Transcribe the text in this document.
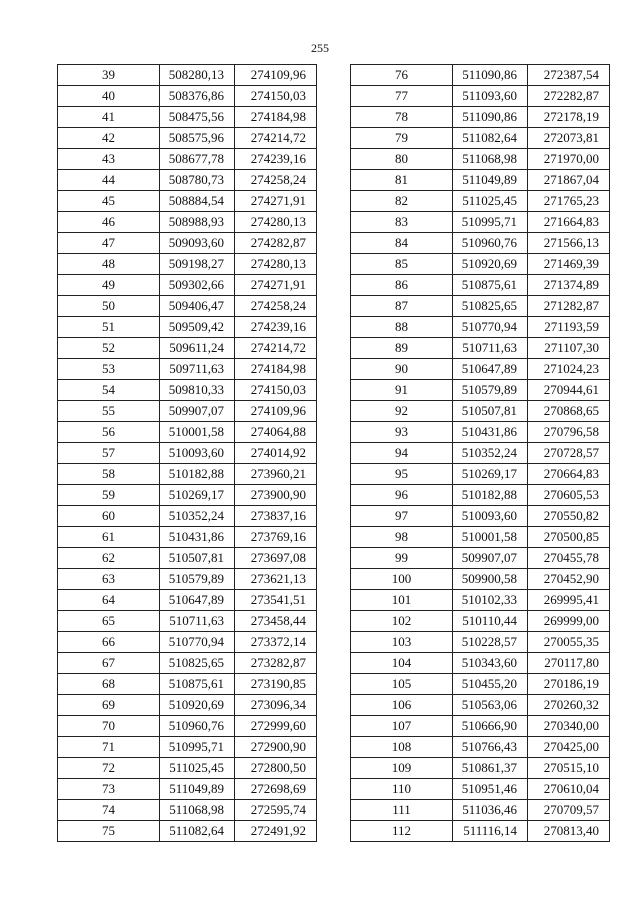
255
39	508280,13	274109,96
40	508376,86	274150,03
41	508475,56	274184,98
42	508575,96	274214,72
43	508677,78	274239,16
44	508780,73	274258,24
45	508884,54	274271,91
46	508988,93	274280,13
47	509093,60	274282,87
48	509198,27	274280,13
49	509302,66	274271,91
50	509406,47	274258,24
51	509509,42	274239,16
52	509611,24	274214,72
53	509711,63	274184,98
54	509810,33	274150,03
55	509907,07	274109,96
56	510001,58	274064,88
57	510093,60	274014,92
58	510182,88	273960,21
59	510269,17	273900,90
60	510352,24	273837,16
61	510431,86	273769,16
62	510507,81	273697,08
63	510579,89	273621,13
64	510647,89	273541,51
65	510711,63	273458,44
66	510770,94	273372,14
67	510825,65	273282,87
68	510875,61	273190,85
69	510920,69	273096,34
70	510960,76	272999,60
71	510995,71	272900,90
72	511025,45	272800,50
73	511049,89	272698,69
74	511068,98	272595,74
75	511082,64	272491,92
76	511090,86	272387,54
77	511093,60	272282,87
78	511090,86	272178,19
79	511082,64	272073,81
80	511068,98	271970,00
81	511049,89	271867,04
82	511025,45	271765,23
83	510995,71	271664,83
84	510960,76	271566,13
85	510920,69	271469,39
86	510875,61	271374,89
87	510825,65	271282,87
88	510770,94	271193,59
89	510711,63	271107,30
90	510647,89	271024,23
91	510579,89	270944,61
92	510507,81	270868,65
93	510431,86	270796,58
94	510352,24	270728,57
95	510269,17	270664,83
96	510182,88	270605,53
97	510093,60	270550,82
98	510001,58	270500,85
99	509907,07	270455,78
100	509900,58	270452,90
101	510102,33	269995,41
102	510110,44	269999,00
103	510228,57	270055,35
104	510343,60	270117,80
105	510455,20	270186,19
106	510563,06	270260,32
107	510666,90	270340,00
108	510766,43	270425,00
109	510861,37	270515,10
110	510951,46	270610,04
111	511036,46	270709,57
112	511116,14	270813,40
